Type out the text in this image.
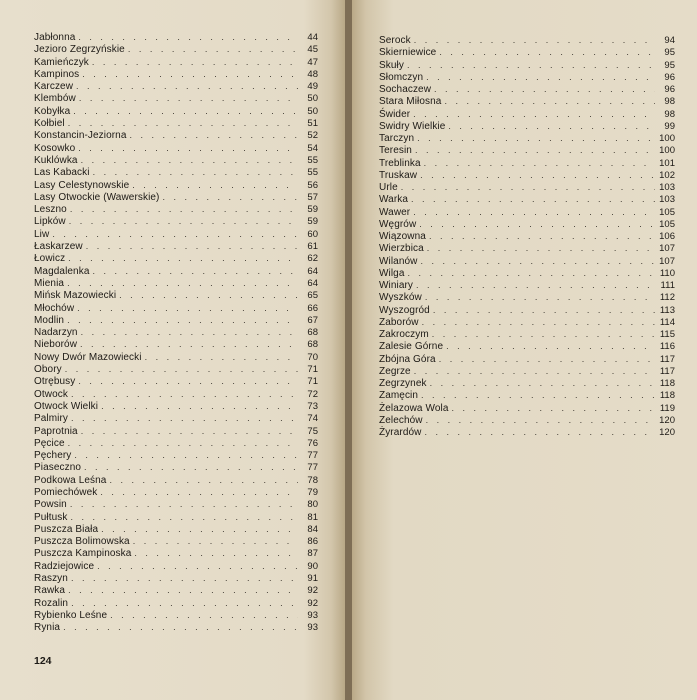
Jabłonna . . .	44
Jezioro Zegrzyńskie . . .	45
Kamieńczyk . . .	47
Kampinos . . .	48
Karczew . . .	49
Klembów . . .	50
Kobyłka . . .	50
Kołbiel . . .	51
Konstancin-Jeziorna . . .	52
Kosowko . . .	54
Kuklówka . . .	55
Las Kabacki . . .	55
Lasy Celestynowskie . . .	56
Lasy Otwockie (Wawerskie) . . .	57
Leszno . . .	59
Lipków . . .	59
Liw . . .	60
Łaskarzew . . .	61
Łowicz . . .	62
Magdalenka . . .	64
Mienia . . .	64
Mińsk Mazowiecki . . .	65
Młochów . . .	66
Modlin . . .	67
Nadarzyn . . .	68
Nieborów . . .	68
Nowy Dwór Mazowiecki . . .	70
Obory . . .	71
Otrębusy . . .	71
Otwock . . .	72
Otwock Wielki . . .	73
Palmiry . . .	74
Paprotnia . . .	75
Pęcice . . .	76
Pęchery . . .	77
Piaseczno . . .	77
Podkowa Leśna . . .	78
Pomiechówek . . .	79
Powsin . . .	80
Pułtusk . . .	81
Puszcza Biała . . .	84
Puszcza Bolimowska . . .	86
Puszcza Kampinoska . . .	87
Radziejowice . . .	90
Raszyn . . .	91
Rawka . . .	92
Rozalin . . .	92
Rybienko Leśne . . .	93
Rynia . . .	93
124
Serock . . .	94
Skierniewice . . .	95
Skuły . . .	95
Słomczyn . . .	96
Sochaczew . . .	96
Stara Miłosna . . .	98
Świder . . .	98
Swidry Wielkie . . .	99
Tarczyn . . .	100
Teresin . . .	100
Treblinka . . .	101
Truskaw . . .	102
Urle . . .	103
Warka . . .	103
Wawer . . .	105
Węgrów . . .	105
Wiązowna . . .	106
Wierzbica . . .	107
Wilanów . . .	107
Wilga . . .	110
Winiary . . .	111
Wyszków . . .	112
Wyszogród . . .	113
Zaborów . . .	114
Zakroczym . . .	115
Zalesie Górne . . .	116
Zbójna Góra . . .	117
Zegrze . . .	117
Zegrzynek . . .	118
Zamęcin . . .	118
Żelazowa Wola . . .	119
Zelechów . . .	120
Żyrardów . . .	120
